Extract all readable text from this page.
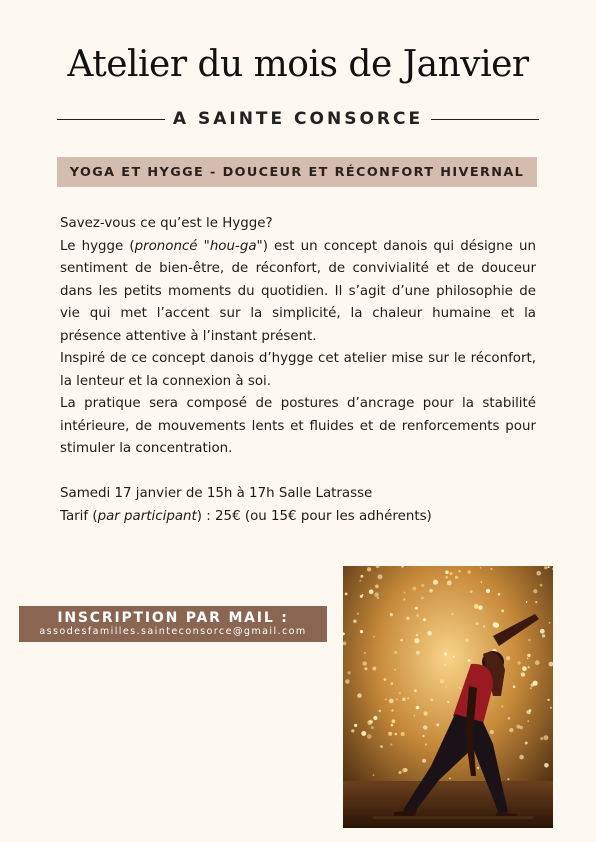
Atelier du mois de Janvier
A SAINTE CONSORCE
YOGA ET HYGGE - DOUCEUR ET RÉCONFORT HIVERNAL

Savez-vous ce qu’est le Hygge?

Le hygge (prononcé "hou-ga") est un concept danois qui désigne un sentiment de bien-être, de réconfort, de convivialité et de douceur dans les petits moments du quotidien. Il s’agit d’une philosophie de vie qui met l’accent sur la simplicité, la chaleur humaine et la présence attentive à l’instant présent.

Inspiré de ce concept danois d’hygge cet atelier mise sur le réconfort, la lenteur et la connexion à soi.

La pratique sera composé de postures d’ancrage pour la stabilité intérieure, de mouvements lents et fluides et de renforcements pour stimuler la concentration.

Samedi 17 janvier de 15h à 17h Salle Latrasse

Tarif (par participant) : 25€ (ou 15€ pour les adhérents)

INSCRIPTION PAR MAIL :
assodesfamilles.sainteconsorce@gmail.com
